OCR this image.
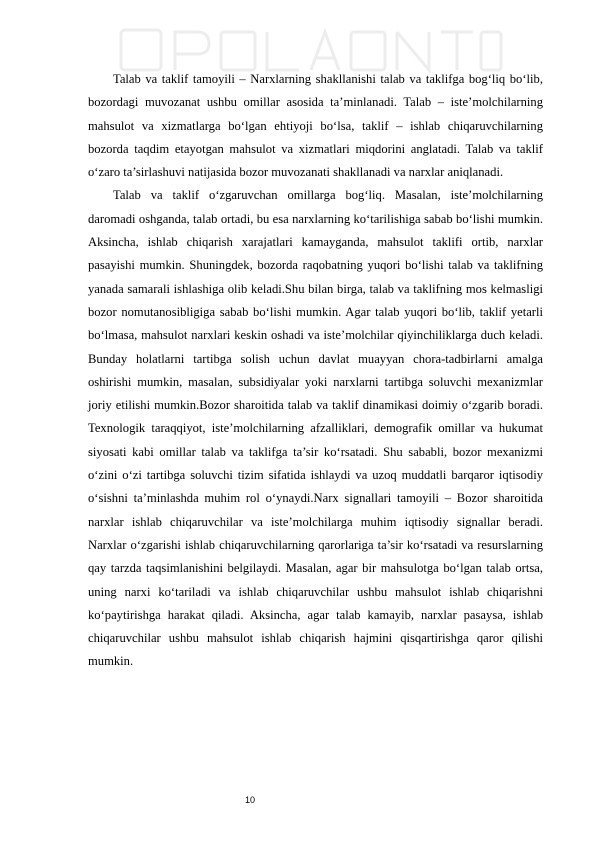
Talab va taklif tamoyili – Narxlarning shakllanishi talab va taklifga bog‘liq bo‘lib, bozordagi muvozanat ushbu omillar asosida ta’minlanadi. Talab – iste’molchilarning mahsulot va xizmatlarga bo‘lgan ehtiyoji bo‘lsa, taklif – ishlab chiqaruvchilarning bozorda taqdim etayotgan mahsulot va xizmatlari miqdorini anglatadi. Talab va taklif o‘zaro ta’sirlashuvi natijasida bozor muvozanati shakllanadi va narxlar aniqlanadi.

Talab va taklif o‘zgaruvchan omillarga bog‘liq. Masalan, iste’molchilarning daromadi oshganda, talab ortadi, bu esa narxlarning ko‘tarilishiga sabab bo‘lishi mumkin. Aksincha, ishlab chiqarish xarajatlari kamayganda, mahsulot taklifi ortib, narxlar pasayishi mumkin. Shuningdek, bozorda raqobatning yuqori bo‘lishi talab va taklifning yanada samarali ishlashiga olib keladi.Shu bilan birga, talab va taklifning mos kelmasligi bozor nomutanosibligiga sabab bo‘lishi mumkin. Agar talab yuqori bo‘lib, taklif yetarli bo‘lmasa, mahsulot narxlari keskin oshadi va iste’molchilar qiyinchiliklarga duch keladi. Bunday holatlarni tartibga solish uchun davlat muayyan chora-tadbirlarni amalga oshirishi mumkin, masalan, subsidiyalar yoki narxlarni tartibga soluvchi mexanizmlar joriy etilishi mumkin.Bozor sharoitida talab va taklif dinamikasi doimiy o‘zgarib boradi. Texnologik taraqqiyot, iste’molchilarning afzalliklari, demografik omillar va hukumat siyosati kabi omillar talab va taklifga ta’sir ko‘rsatadi. Shu sababli, bozor mexanizmi o‘zini o‘zi tartibga soluvchi tizim sifatida ishlaydi va uzoq muddatli barqaror iqtisodiy o‘sishni ta’minlashda muhim rol o‘ynaydi.Narx signallari tamoyili – Bozor sharoitida narxlar ishlab chiqaruvchilar va iste’molchilarga muhim iqtisodiy signallar beradi. Narxlar o‘zgarishi ishlab chiqaruvchilarning qarorlariga ta’sir ko‘rsatadi va resurslarning qay tarzda taqsimlanishini belgilaydi. Masalan, agar bir mahsulotga bo‘lgan talab ortsa, uning narxi ko‘tariladi va ishlab chiqaruvchilar ushbu mahsulot ishlab chiqarishni ko‘paytirishga harakat qiladi. Aksincha, agar talab kamayib, narxlar pasaysa, ishlab chiqaruvchilar ushbu mahsulot ishlab chiqarish hajmini qisqartirishga qaror qilishi mumkin.

10
